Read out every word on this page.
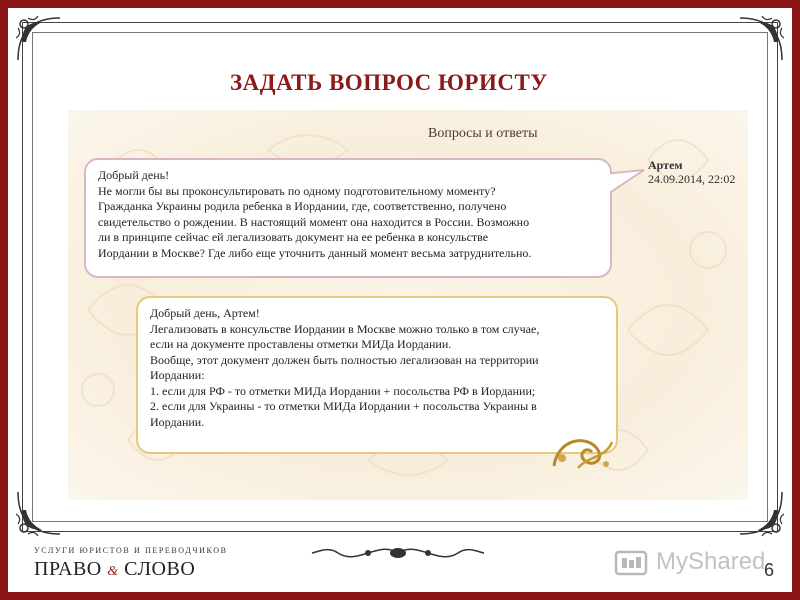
ЗАДАТЬ ВОПРОС ЮРИСТУ
Вопросы и ответы
Добрый день!
Не могли бы вы проконсультировать по одному подготовительному моменту?
Гражданка Украины родила ребенка в Иордании, где, соответственно, получено
свидетельство о рождении. В настоящий момент она находится в России. Возможно
ли в принципе сейчас ей легализовать документ на ее ребенка в консульстве
Иордании в Москве? Где либо еще уточнить данный момент весьма затруднительно.
Артем
24.09.2014, 22:02
Добрый день, Артем!
Легализовать в консульстве Иордании в Москве можно только в том случае,
если на документе проставлены отметки МИДа Иордании.
Вообще, этот документ должен быть полностью легализован на территории
Иордании:
1. если для РФ - то отметки МИДа Иордании + посольства РФ в Иордании;
2. если для Украины - то отметки МИДа Иордании + посольства Украины в
Иордании.
УСЛУГИ ЮРИСТОВ И ПЕРЕВОДЧИКОВ
ПРАВО & СЛОВО	MyShared
6
